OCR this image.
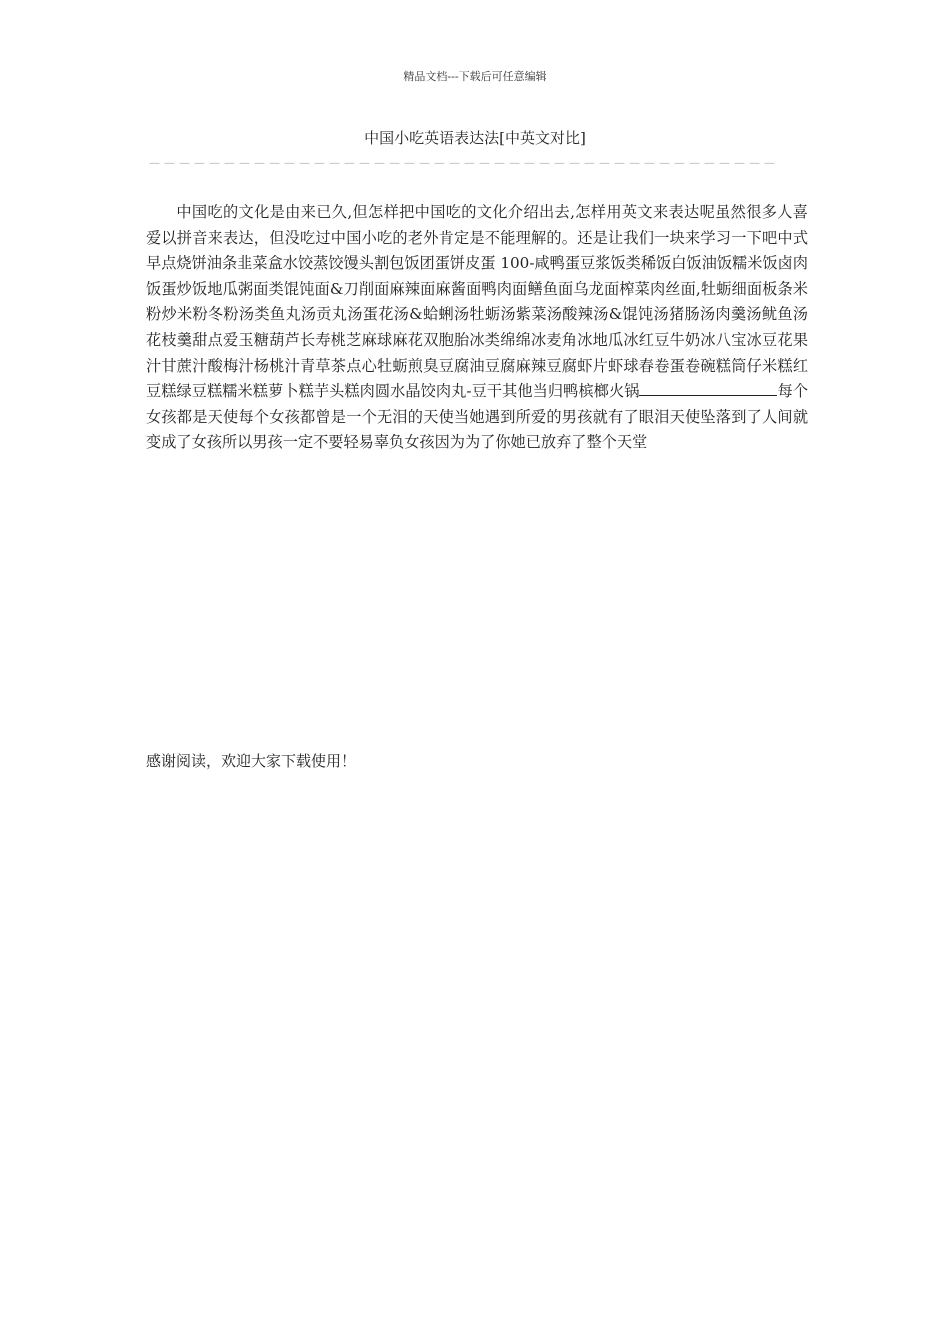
精品文档---下载后可任意编辑
中国小吃英语表达法[中英文对比]
－－－－－－－－－－－－－－－－－－－－－－－－－－－－－－－－－－－－－－－－－－
中国吃的文化是由来已久,但怎样把中国吃的文化介绍出去,怎样用英文来表达呢虽然很多人喜爱以拼音来表达，但没吃过中国小吃的老外肯定是不能理解的。还是让我们一块来学习一下吧中式早点烧饼油条韭菜盒水饺蒸饺馒头割包饭团蛋饼皮蛋 100-咸鸭蛋豆浆饭类稀饭白饭油饭糯米饭卤肉饭蛋炒饭地瓜粥面类馄饨面&刀削面麻辣面麻酱面鸭肉面鳝鱼面乌龙面榨菜肉丝面,牡蛎细面板条米粉炒米粉冬粉汤类鱼丸汤贡丸汤蛋花汤&蛤蜊汤牡蛎汤紫菜汤酸辣汤&馄饨汤猪肠汤肉羹汤鱿鱼汤花枝羹甜点爱玉糖葫芦长寿桃芝麻球麻花双胞胎冰类绵绵冰麦角冰地瓜冰红豆牛奶冰八宝冰豆花果汁甘蔗汁酸梅汁杨桃汁青草茶点心牡蛎煎臭豆腐油豆腐麻辣豆腐虾片虾球春卷蛋卷碗糕筒仔米糕红豆糕绿豆糕糯米糕萝卜糕芋头糕肉圆水晶饺肉丸-豆干其他当归鸭槟榔火锅	每个女孩都是天使每个女孩都曾是一个无泪的天使当她遇到所爱的男孩就有了眼泪天使坠落到了人间就变成了女孩所以男孩一定不要轻易辜负女孩因为为了你她已放弃了整个天堂
感谢阅读，欢迎大家下载使用！
